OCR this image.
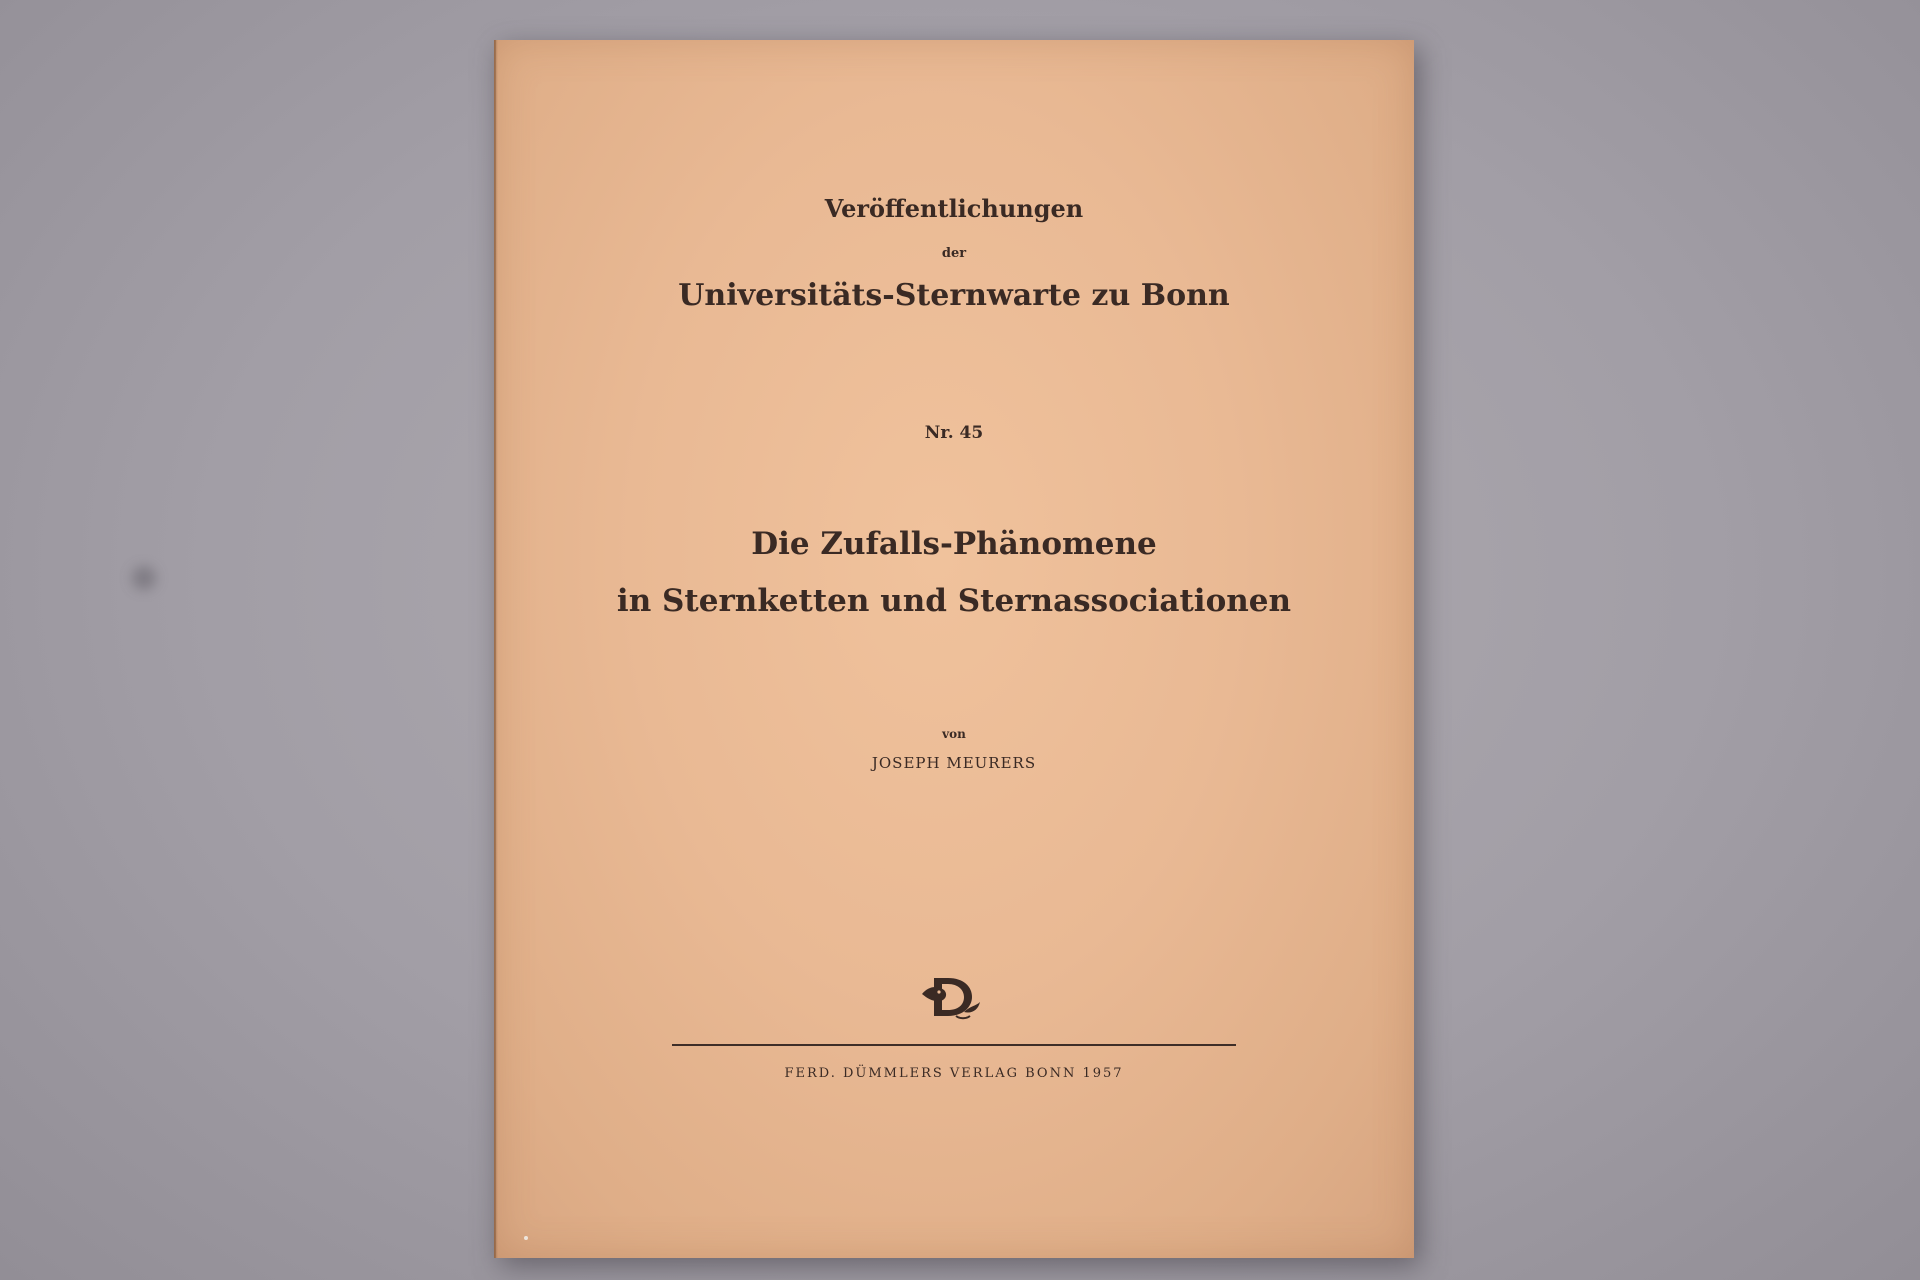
Veröffentlichungen
der
Universitäts-Sternwarte zu Bonn
Nr. 45
Die Zufalls-Phänomene
in Sternketten und Sternassociationen
von
JOSEPH MEURERS
FERD. DÜMMLERS VERLAG BONN 1957
